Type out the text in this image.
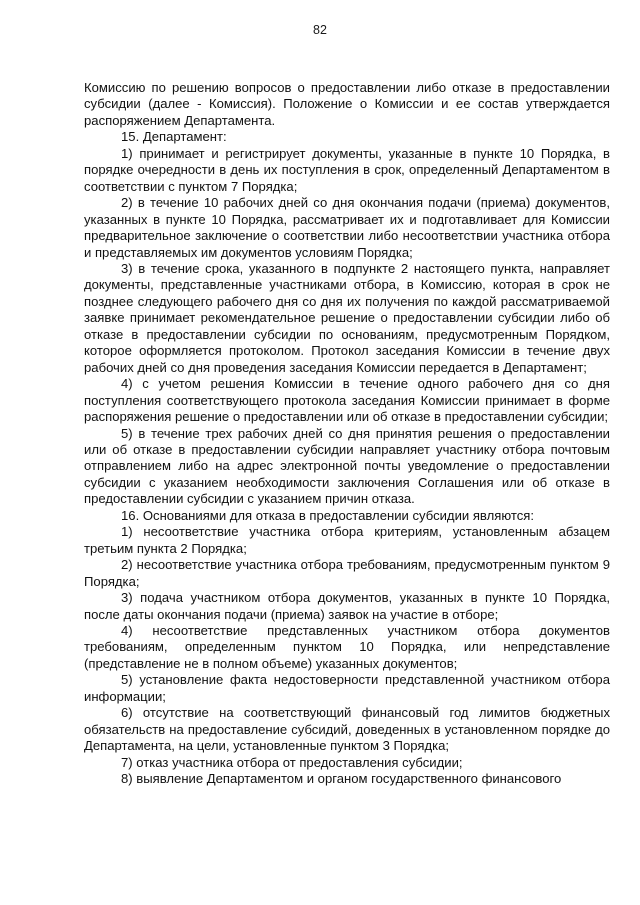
82

Комиссию по решению вопросов о предоставлении либо отказе в предоставлении субсидии (далее - Комиссия). Положение о Комиссии и ее состав утверждается распоряжением Департамента.

15. Департамент:

1) принимает и регистрирует документы, указанные в пункте 10 Порядка, в порядке очередности в день их поступления в срок, определенный Департаментом в соответствии с пунктом 7 Порядка;

2) в течение 10 рабочих дней со дня окончания подачи (приема) документов, указанных в пункте 10 Порядка, рассматривает их и подготавливает для Комиссии предварительное заключение о соответствии либо несоответствии участника отбора и представляемых им документов условиям Порядка;

3) в течение срока, указанного в подпункте 2 настоящего пункта, направляет документы, представленные участниками отбора, в Комиссию, которая в срок не позднее следующего рабочего дня со дня их получения по каждой рассматриваемой заявке принимает рекомендательное решение о предоставлении субсидии либо об отказе в предоставлении субсидии по основаниям, предусмотренным Порядком, которое оформляется протоколом. Протокол заседания Комиссии в течение двух рабочих дней со дня проведения заседания Комиссии передается в Департамент;

4) с учетом решения Комиссии в течение одного рабочего дня со дня поступления соответствующего протокола заседания Комиссии принимает в форме распоряжения решение о предоставлении или об отказе в предоставлении субсидии;

5) в течение трех рабочих дней со дня принятия решения о предоставлении или об отказе в предоставлении субсидии направляет участнику отбора почтовым отправлением либо на адрес электронной почты уведомление о предоставлении субсидии с указанием необходимости заключения Соглашения или об отказе в предоставлении субсидии с указанием причин отказа.

16. Основаниями для отказа в предоставлении субсидии являются:

1) несоответствие участника отбора критериям, установленным абзацем третьим пункта 2 Порядка;

2) несоответствие участника отбора требованиям, предусмотренным пунктом 9 Порядка;

3) подача участником отбора документов, указанных в пункте 10 Порядка, после даты окончания подачи (приема) заявок на участие в отборе;

4) несоответствие представленных участником отбора документов требованиям, определенным пунктом 10 Порядка, или непредставление (представление не в полном объеме) указанных документов;

5) установление факта недостоверности представленной участником отбора информации;

6) отсутствие на соответствующий финансовый год лимитов бюджетных обязательств на предоставление субсидий, доведенных в установленном порядке до Департамента, на цели, установленные пунктом 3 Порядка;

7) отказ участника отбора от предоставления субсидии;

8) выявление Департаментом и органом государственного финансового
